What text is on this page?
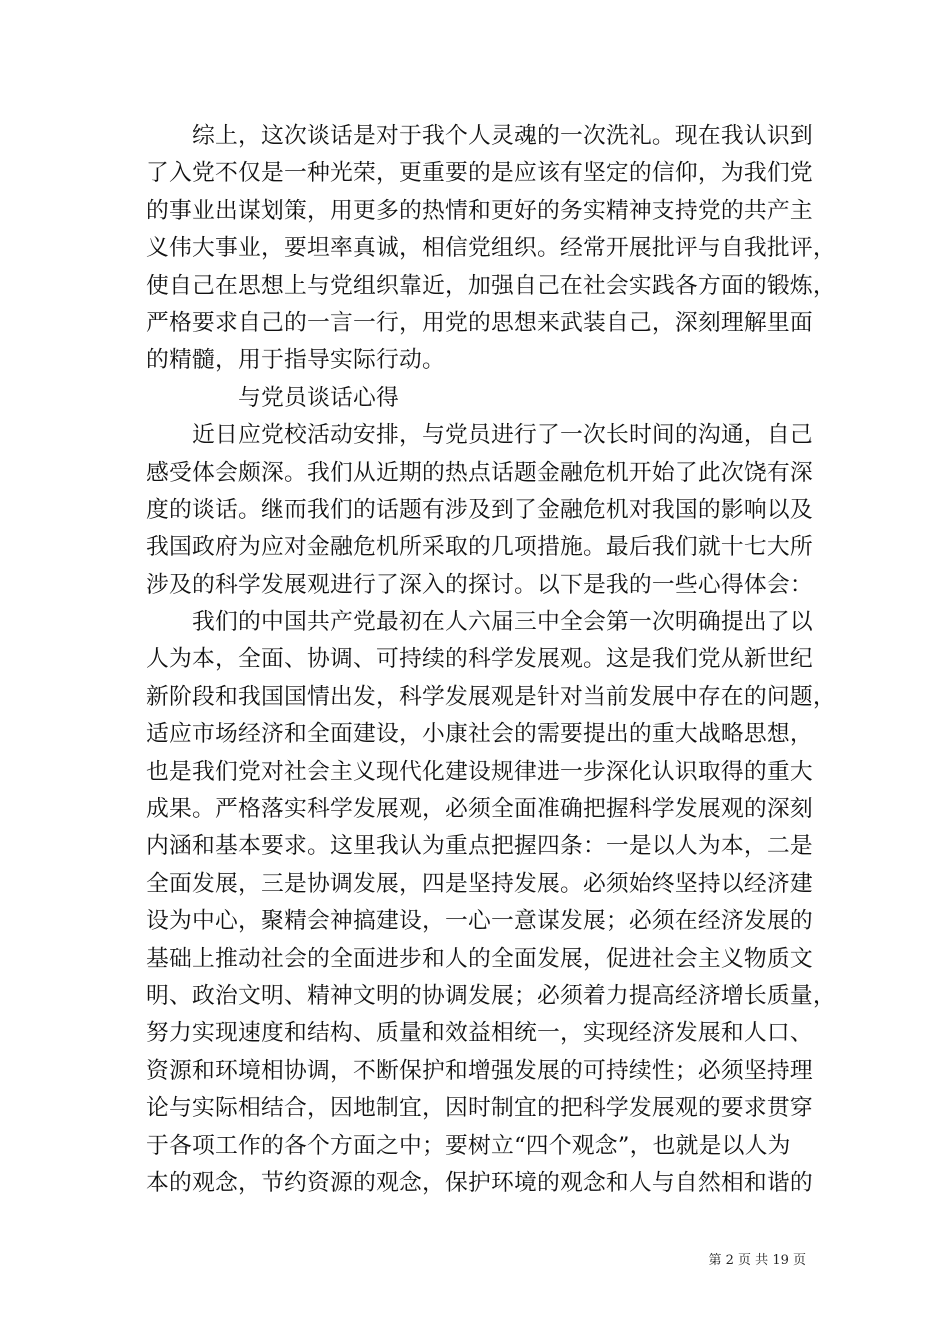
综上，这次谈话是对于我个人灵魂的一次洗礼。现在我认识到
了入党不仅是一种光荣，更重要的是应该有坚定的信仰，为我们党
的事业出谋划策，用更多的热情和更好的务实精神支持党的共产主
义伟大事业，要坦率真诚，相信党组织。经常开展批评与自我批评，
使自己在思想上与党组织靠近，加强自己在社会实践各方面的锻炼，
严格要求自己的一言一行，用党的思想来武装自己，深刻理解里面
的精髓，用于指导实际行动。
与党员谈话心得
近日应党校活动安排，与党员进行了一次长时间的沟通，自己
感受体会颇深。我们从近期的热点话题金融危机开始了此次饶有深
度的谈话。继而我们的话题有涉及到了金融危机对我国的影响以及
我国政府为应对金融危机所采取的几项措施。最后我们就十七大所
涉及的科学发展观进行了深入的探讨。以下是我的一些心得体会：
我们的中国共产党最初在人六届三中全会第一次明确提出了以
人为本，全面、协调、可持续的科学发展观。这是我们党从新世纪
新阶段和我国国情出发，科学发展观是针对当前发展中存在的问题，
适应市场经济和全面建设，小康社会的需要提出的重大战略思想，
也是我们党对社会主义现代化建设规律进一步深化认识取得的重大
成果。严格落实科学发展观，必须全面准确把握科学发展观的深刻
内涵和基本要求。这里我认为重点把握四条：一是以人为本，二是
全面发展，三是协调发展，四是坚持发展。必须始终坚持以经济建
设为中心，聚精会神搞建设，一心一意谋发展；必须在经济发展的
基础上推动社会的全面进步和人的全面发展，促进社会主义物质文
明、政治文明、精神文明的协调发展；必须着力提高经济增长质量，
努力实现速度和结构、质量和效益相统一，实现经济发展和人口、
资源和环境相协调，不断保护和增强发展的可持续性；必须坚持理
论与实际相结合，因地制宜，因时制宜的把科学发展观的要求贯穿
于各项工作的各个方面之中；要树立“四个观念”，也就是以人为
本的观念，节约资源的观念，保护环境的观念和人与自然相和谐的
第 2 页 共 19 页
